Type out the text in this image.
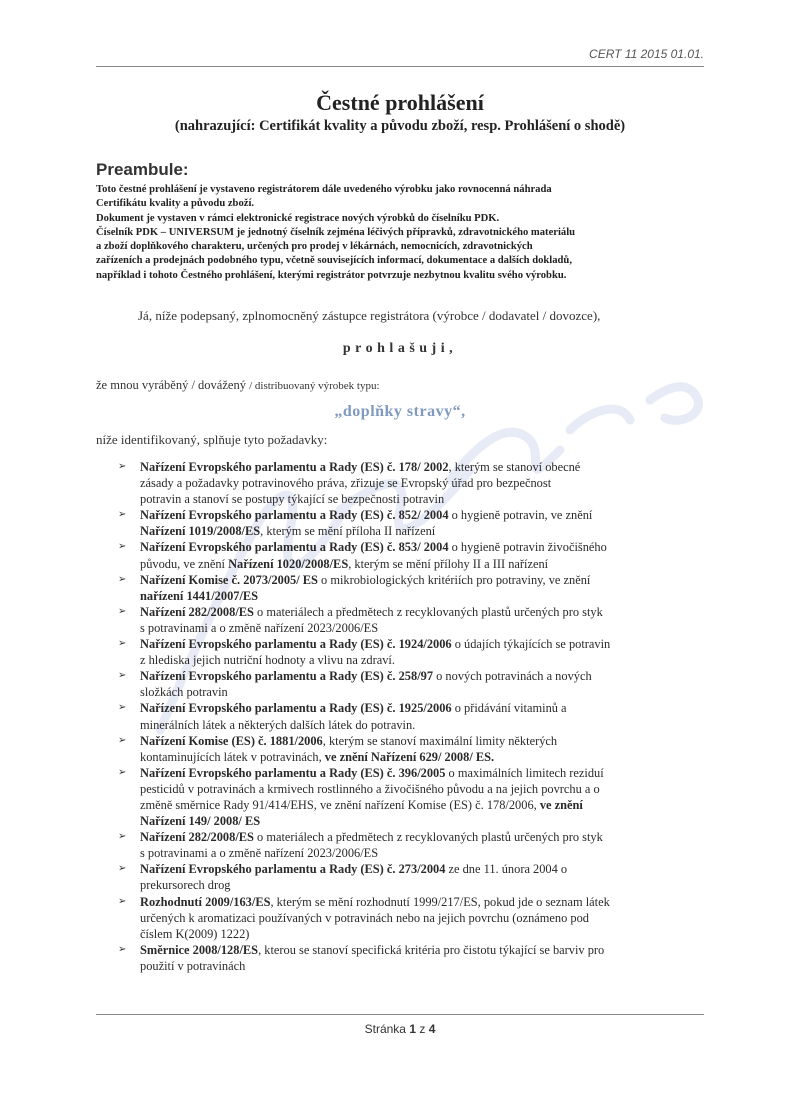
CERT 11 2015 01.01.
Čestné prohlášení
(nahrazující: Certifikát kvality a původu zboží, resp. Prohlášení o shodě)
Preambule:
Toto čestné prohlášení je vystaveno registrátorem dále uvedeného výrobku jako rovnocenná náhrada
Certifikátu kvality a původu zboží.
Dokument je vystaven v rámci elektronické registrace nových výrobků do číselníku PDK.
Číselník PDK – UNIVERSUM je jednotný číselník zejména léčivých přípravků, zdravotnického materiálu
a zboží doplňkového charakteru, určených pro prodej v lékárnách, nemocnicích, zdravotnických
zařízeních a prodejnách podobného typu, včetně souvisejících informací, dokumentace a dalších dokladů,
například i tohoto Čestného prohlášení, kterými registrátor potvrzuje nezbytnou kvalitu svého výrobku.
Já, níže podepsaný, zplnomocněný zástupce registrátora (výrobce / dodavatel / dovozce),
prohlašuji,
že mnou vyráběný / dovážený / distribuovaný výrobek typu:
„doplňky stravy“,
níže identifikovaný, splňuje tyto požadavky:
➢ Nařízení Evropského parlamentu a Rady (ES) č. 178/ 2002, kterým se stanoví obecné
zásady a požadavky potravinového práva, zřizuje se Evropský úřad pro bezpečnost
potravin a stanoví se postupy týkající se bezpečnosti potravin
➢ Nařízení Evropského parlamentu a Rady (ES) č. 852/ 2004 o hygieně potravin, ve znění
Nařízení 1019/2008/ES, kterým se mění příloha II nařízení
➢ Nařízení Evropského parlamentu a Rady (ES) č. 853/ 2004 o hygieně potravin živočišného
původu, ve znění Nařízení 1020/2008/ES, kterým se mění přílohy II a III nařízení
➢ Nařízení Komise č. 2073/2005/ ES o mikrobiologických kritériích pro potraviny, ve znění
nařízení 1441/2007/ES
➢ Nařízení 282/2008/ES o materiálech a předmětech z recyklovaných plastů určených pro styk
s potravinami a o změně nařízení 2023/2006/ES
➢ Nařízení Evropského parlamentu a Rady (ES) č. 1924/2006 o údajích týkajících se potravin
z hlediska jejich nutriční hodnoty a vlivu na zdraví.
➢ Nařízení Evropského parlamentu a Rady (ES) č. 258/97 o nových potravinách a nových
složkách potravin
➢ Nařízení Evropského parlamentu a Rady (ES) č. 1925/2006 o přidávání vitaminů a
minerálních látek a některých dalších látek do potravin.
➢ Nařízení Komise (ES) č. 1881/2006, kterým se stanoví maximální limity některých
kontaminujících látek v potravinách, ve znění Nařízení 629/ 2008/ ES.
➢ Nařízení Evropského parlamentu a Rady (ES) č. 396/2005 o maximálních limitech reziduí
pesticidů v potravinách a krmivech rostlinného a živočišného původu a na jejich povrchu a o
změně směrnice Rady 91/414/EHS, ve znění nařízení Komise (ES) č. 178/2006, ve znění
Nařízení 149/ 2008/ ES
➢ Nařízení 282/2008/ES o materiálech a předmětech z recyklovaných plastů určených pro styk
s potravinami a o změně nařízení 2023/2006/ES
➢ Nařízení Evropského parlamentu a Rady (ES) č. 273/2004 ze dne 11. února 2004 o
prekursorech drog
➢ Rozhodnutí 2009/163/ES, kterým se mění rozhodnutí 1999/217/ES, pokud jde o seznam látek
určených k aromatizaci používaných v potravinách nebo na jejich povrchu (oznámeno pod
číslem K(2009) 1222)
➢ Směrnice 2008/128/ES, kterou se stanoví specifická kritéria pro čistotu týkající se barviv pro
použití v potravinách
Stránka 1 z 4
